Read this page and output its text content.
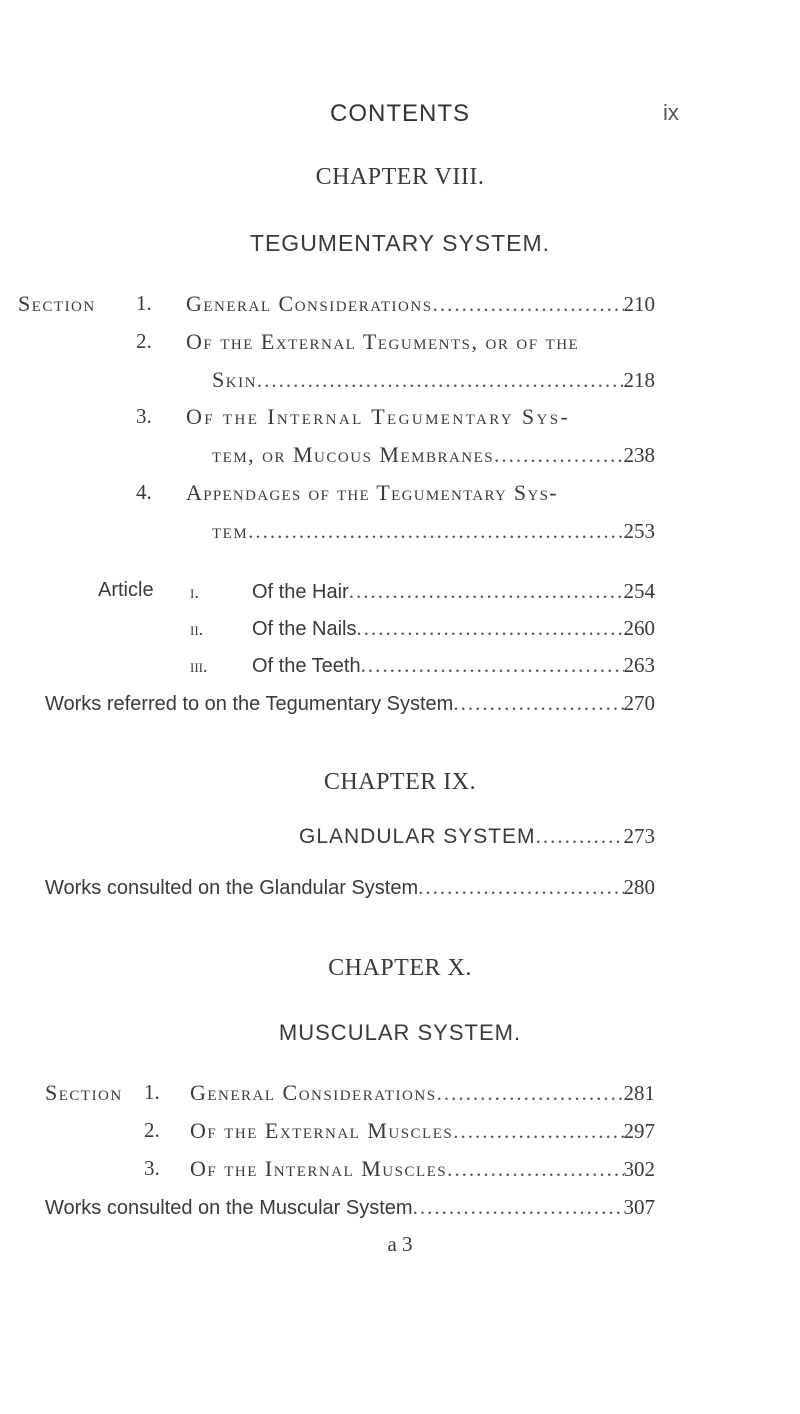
CONTENTS	ix
CHAPTER VIII.
TEGUMENTARY SYSTEM.
Section 1. General Considerations .....	210
2. Of the External Teguments, or of the
Skin .....	218
3. Of the Internal Tegumentary Sys-
tem, or Mucous Membranes .....	238
4. Appendages of the Tegumentary Sys-
tem .....	253
Article i.	Of the Hair .....	254
ii.	Of the Nails .....	260
iii.	Of the Teeth .....	263
Works referred to on the Tegumentary System .....	270
CHAPTER IX.
GLANDULAR SYSTEM .....	273
Works consulted on the Glandular System .....	280
CHAPTER X.
MUSCULAR SYSTEM.
Section 1. General Considerations .....	281
2. Of the External Muscles .....	297
3. Of the Internal Muscles .....	302
Works consulted on the Muscular System .....	307
a 3
